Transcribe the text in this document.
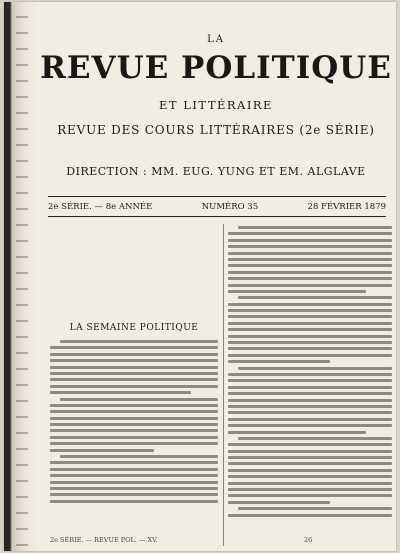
LA
REVUE POLITIQUE
ET LITTÉRAIRE
REVUE DES COURS LITTÉRAIRES (2e SÉRIE)
DIRECTION : MM. EUG. YUNG ET EM. ALGLAVE
2e SÉRIE. — 8e ANNÉE	NUMÉRO 35	28 FÉVRIER 1879
LA SEMAINE POLITIQUE
2e SÉRIE. — REVUE POL. — XV.	26
